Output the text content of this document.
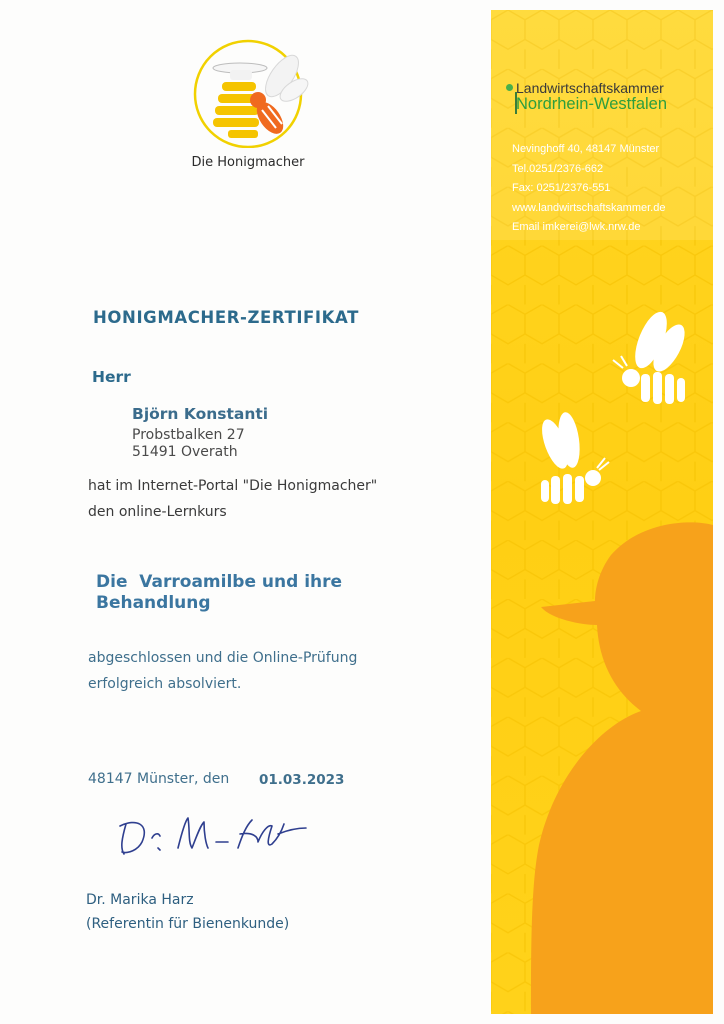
Die Honigmacher
Landwirtschaftskammer
Nordrhein-Westfalen
Nevinghoff 40, 48147 Münster
Tel.0251/2376-662
Fax: 0251/2376-551
www.landwirtschaftskammer.de
Email imkerei@lwk.nrw.de
HONIGMACHER-ZERTIFIKAT
Herr
Björn Konstanti
Probstbalken 27
51491 Overath
hat im Internet-Portal "Die Honigmacher"
den online-Lernkurs
Die  Varroamilbe und ihre
Behandlung
abgeschlossen und die Online-Prüfung
erfolgreich absolviert.
48147 Münster, den 01.03.2023
Dr. Marika Harz
(Referentin für Bienenkunde)
